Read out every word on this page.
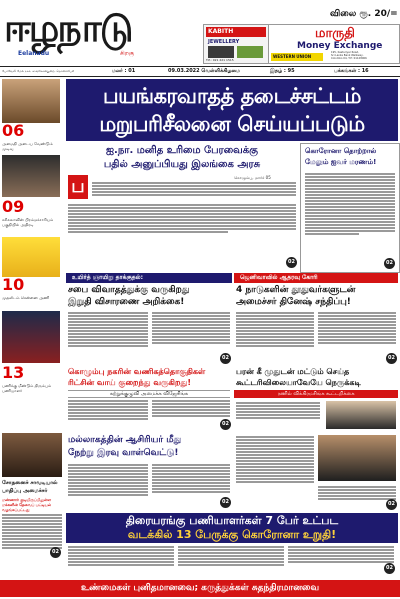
ஈழநாடு
Eelanadu	சிறகு
KABITH
JEWELLERY
T.P.: 021 221 1515
மாருதி
Money Exchange
WESTERN UNION
195, Kasturiyar Road,
Sri Lanka Bank Walkway,
Colombo 04, T.P: 01128006
விலை ரூ. 20/=
பேர்வேலி மேல் நகர், காங்கேசன்துறை, தொலைபேசி	மலர் : 01	09.03.2022 வெள்ளிக்கிழமை	இதழ் : 95	பக்கங்கள் : 16
06
அமைதி அடைய வேண்டும் முடிவு
09
சசிகலாவின் பிரம்மச்சாரியம் பகுதியில் அதிரடி
10
முதலிடம் சென்னை அணி
13
பணிக்கு மீண்டும் திரும்பும் பணியாளர்
பயங்கரவாதத் தடைச்சட்டம்
மறுபரிசீலனை செய்யப்படும்
ஐ.நா. மனித உரிமை பேரவைக்கு
பதில் அனுப்பியது இலங்கை அரசு
ப	கொழும்பு, மார்ச் 05
02
கொரோனா தொற்றால்
மேலும் ஐவர் மரணம்!
02
உயிர்த் ஞாயிறு தாக்குதல்:
சபை விவாதத்துக்கு வருகிறது
இறுதி விசாரணை அறிக்கை!
02
ஜெனிவாவில் ஆதரவு கோரி
4 நாடுகளின் தூதுவர்களுடன்
அமைச்சர் தினேஷ் சந்திப்பு!
02
கொழும்பு நகரின் வணிகத்தொகுதிகள்
ரிட்சின் வாய் குறைந்து வருகிறது!
கற்றுக்குழுவி அமைக்க விஜேசிங்க
02
பரன் கீ முதுடன் மட்டும் செய்த
கூட்டரிவிலையாவேயே நெருக்கடி
ரணில் விக்கிரமசிங்க கூட்டறிக்கை
மல்லாகத்தின் ஆசிரியர் மீது
நேற்று இரவு வாள்வெட்டு!
02	02
சோதனைச் சாவடியால்
பாதிப்பு அமைச்சர்
மண்ணார் குடியிருப்பிலுள்ள மக்களின் தேவைப் பட்டியல் வழங்கப்பட்டது
02
திரையரங்கு பணியாளர்கள் 7 பேர் உட்பட
வடக்கில் 13 பேருக்கு கொரோனா உறுதி!
02
உண்மைகள் புனிதமானவை; கருத்துக்கள் சுதந்திரமானவை
